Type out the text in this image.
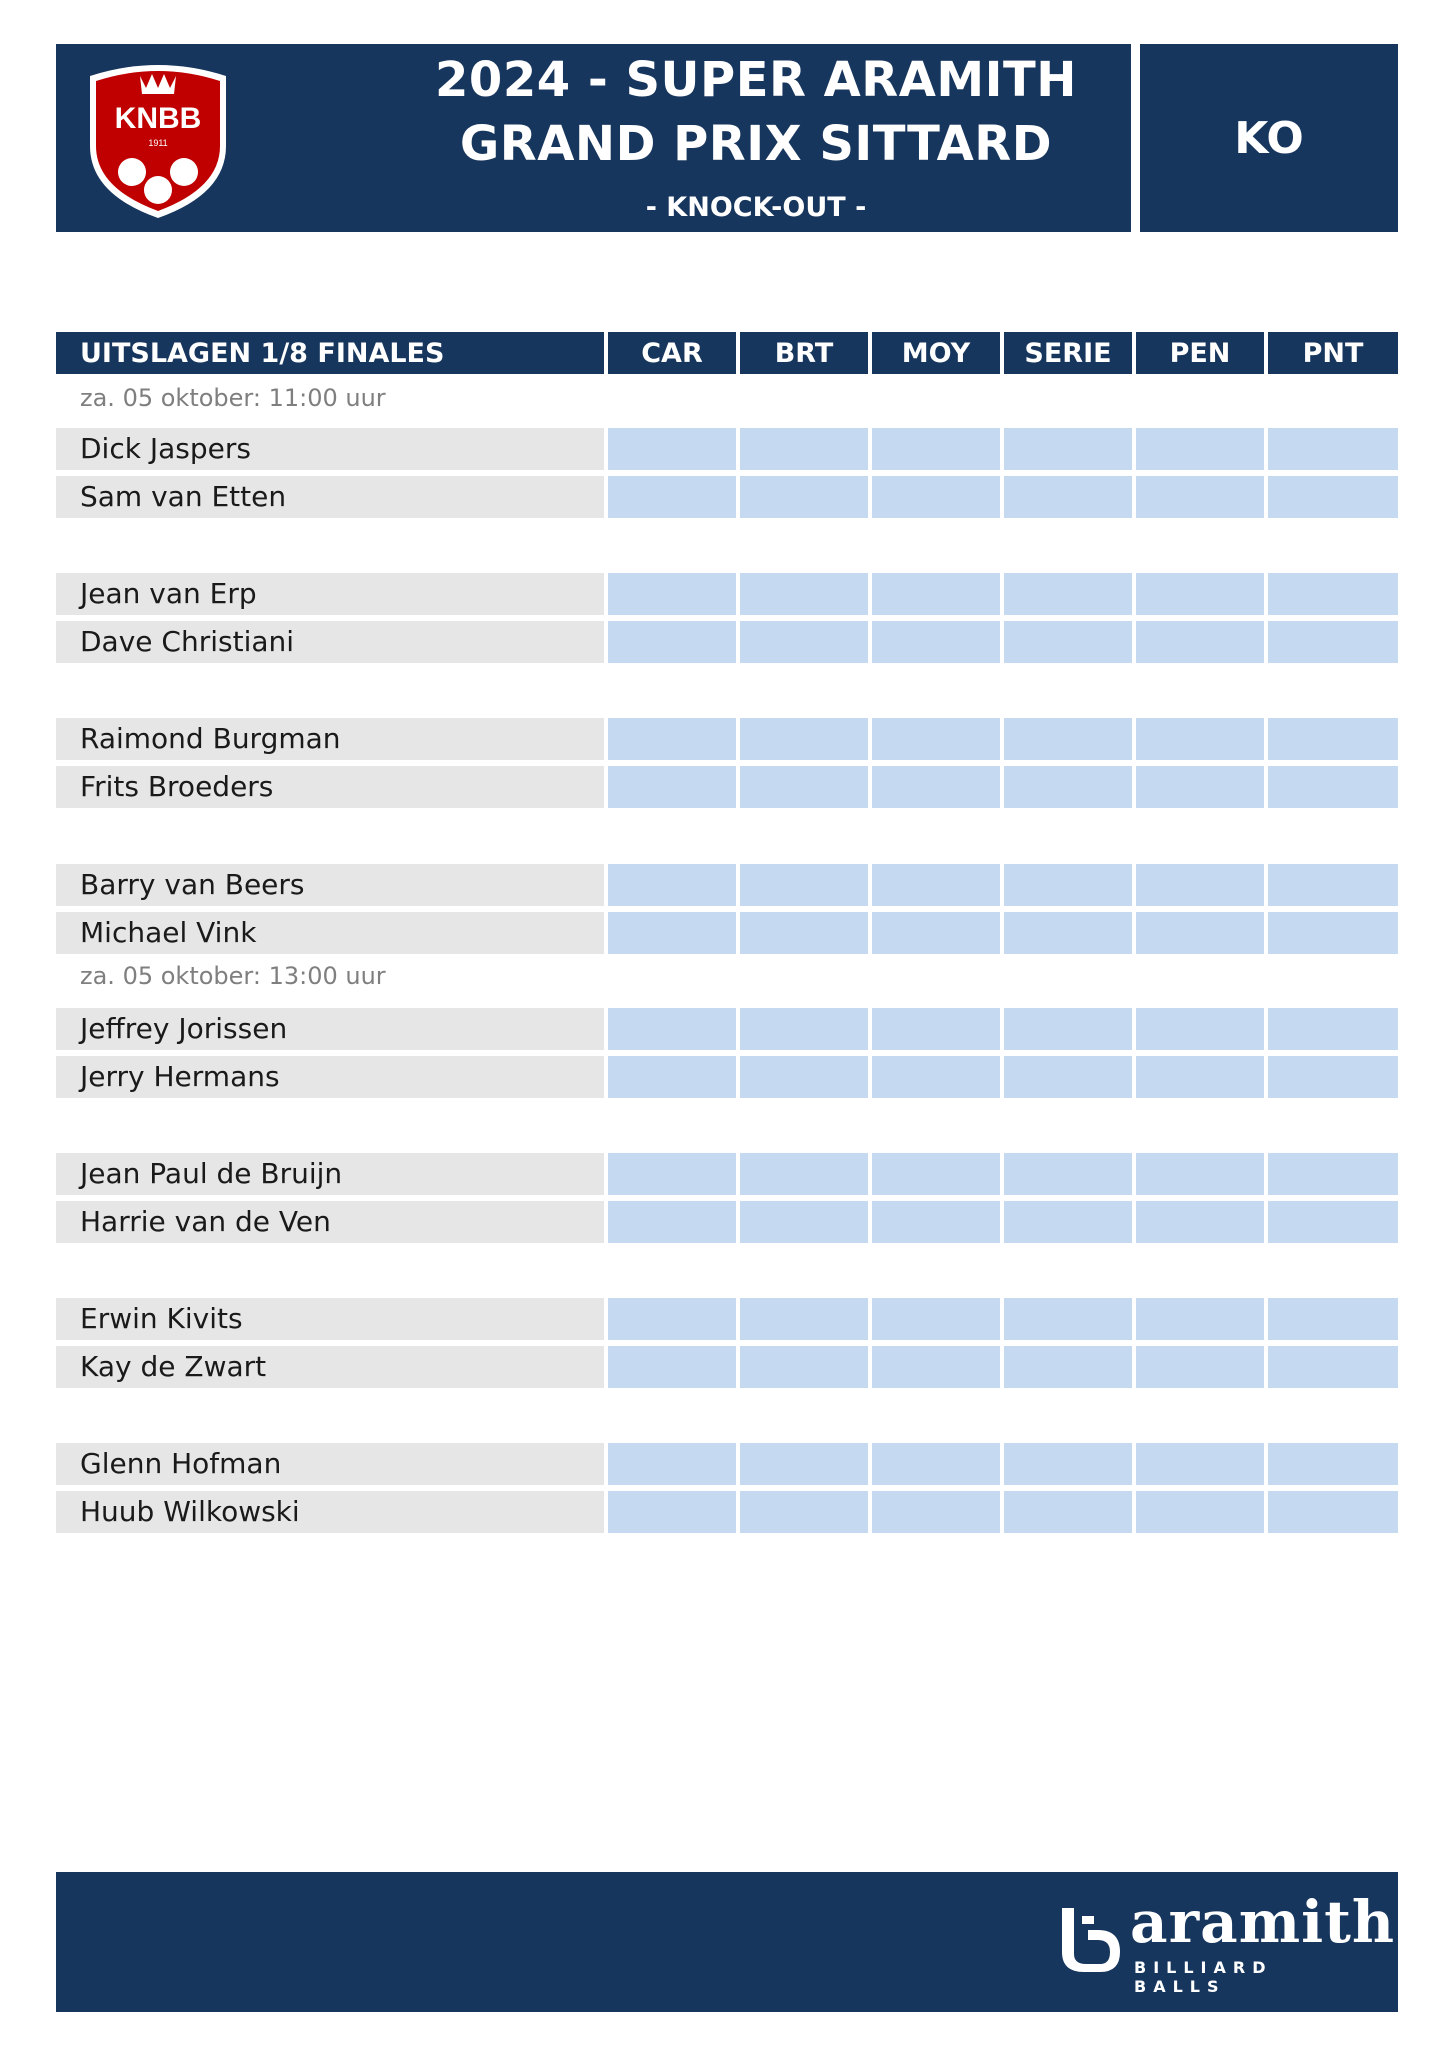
KNBB
1911
2024 - SUPER ARAMITH
GRAND PRIX SITTARD
- KNOCK-OUT -
KO
UITSLAGEN 1/8 FINALES	CAR	BRT	MOY	SERIE	PEN	PNT
za. 05 oktober: 11:00 uur
Dick Jaspers
Sam van Etten
Jean van Erp
Dave Christiani
Raimond Burgman
Frits Broeders
Barry van Beers
Michael Vink
za. 05 oktober: 13:00 uur
Jeffrey Jorissen
Jerry Hermans
Jean Paul de Bruijn
Harrie van de Ven
Erwin Kivits
Kay de Zwart
Glenn Hofman
Huub Wilkowski
aramith
BILLIARD BALLS
